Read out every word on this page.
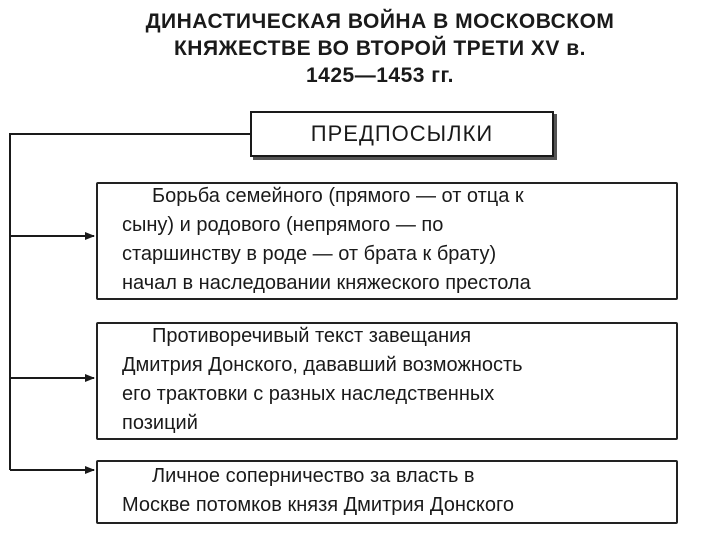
ДИНАСТИЧЕСКАЯ ВОЙНА В МОСКОВСКОМ
КНЯЖЕСТВЕ ВО ВТОРОЙ ТРЕТИ XV в.
1425—1453 гг.
ПРЕДПОСЫЛКИ

Борьба семейного (прямого — от отца к
сыну) и родового (непрямого — по
старшинству в роде — от брата к брату)
начал в наследовании княжеского престола

Противоречивый текст завещания
Дмитрия Донского, дававший возможность
его трактовки с разных наследственных
позиций

Личное соперничество за власть в
Москве потомков князя Дмитрия Донского
